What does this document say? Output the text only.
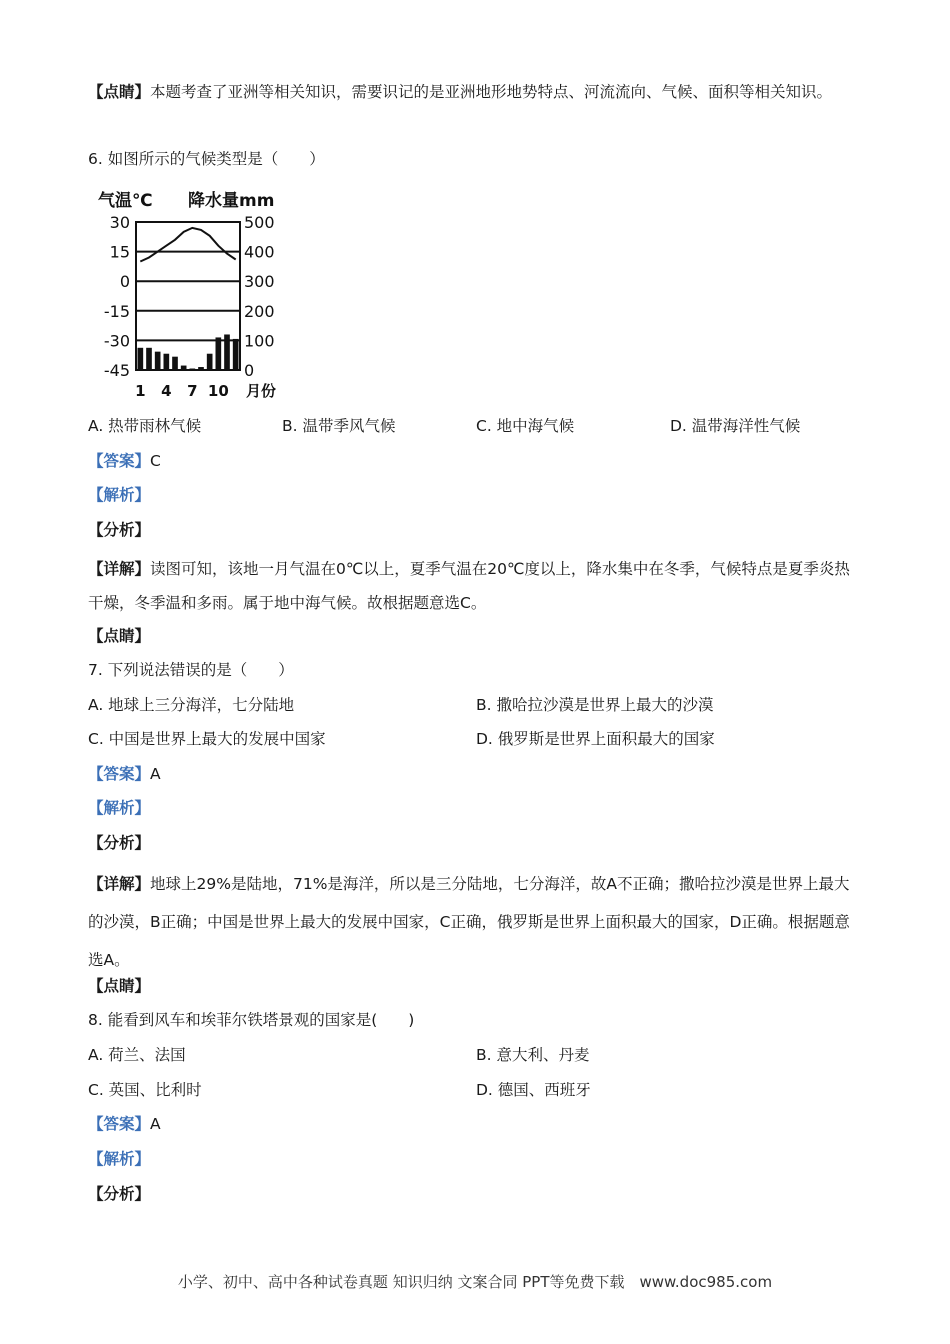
【点睛】本题考查了亚洲等相关知识，需要识记的是亚洲地形地势特点、河流流向、气候、面积等相关知识。
6. 如图所示的气候类型是（　　）
气温℃ 降水量mm
30
15
0
-15
-30
-45
500
400
300
200
100
0
1 4 7 10 月份
A. 热带雨林气候	B. 温带季风气候	C. 地中海气候	D. 温带海洋性气候
【答案】C
【解析】
【分析】
【详解】读图可知，该地一月气温在0℃以上，夏季气温在20℃度以上，降水集中在冬季，气候特点是夏季炎热干燥，冬季温和多雨。属于地中海气候。故根据题意选C。
【点睛】
7. 下列说法错误的是（　　）
A. 地球上三分海洋，七分陆地	B. 撒哈拉沙漠是世界上最大的沙漠
C. 中国是世界上最大的发展中国家	D. 俄罗斯是世界上面积最大的国家
【答案】A
【解析】
【分析】
【详解】地球上29%是陆地，71%是海洋，所以是三分陆地，七分海洋，故A不正确；撒哈拉沙漠是世界上最大的沙漠，B正确；中国是世界上最大的发展中国家，C正确，俄罗斯是世界上面积最大的国家，D正确。根据题意选A。
【点睛】
8. 能看到风车和埃菲尔铁塔景观的国家是(　　)
A. 荷兰、法国	B. 意大利、丹麦
C. 英国、比利时	D. 德国、西班牙
【答案】A
【解析】
【分析】
小学、初中、高中各种试卷真题 知识归纳 文案合同 PPT等免费下载　www.doc985.com
